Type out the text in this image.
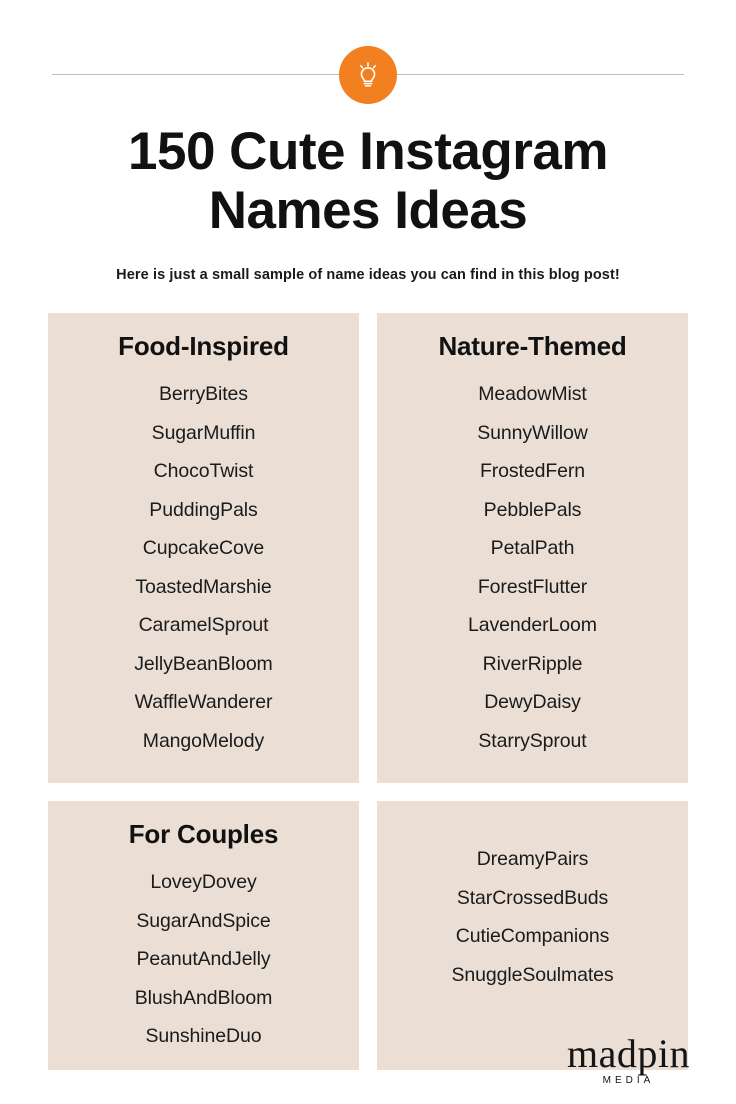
150 Cute Instagram Names Ideas

Here is just a small sample of name ideas you can find in this blog post!

Food-Inspired
BerryBites
SugarMuffin
ChocoTwist
PuddingPals
CupcakeCove
ToastedMarshie
CaramelSprout
JellyBeanBloom
WaffleWanderer
MangoMelody
Nature-Themed
MeadowMist
SunnyWillow
FrostedFern
PebblePals
PetalPath
ForestFlutter
LavenderLoom
RiverRipple
DewyDaisy
StarrySprout
For Couples
LoveyDovey
SugarAndSpice
PeanutAndJelly
BlushAndBloom
SunshineDuo
DreamyPairs
StarCrossedBuds
CutieCompanions
SnuggleSoulmates
madpin
MEDIA
